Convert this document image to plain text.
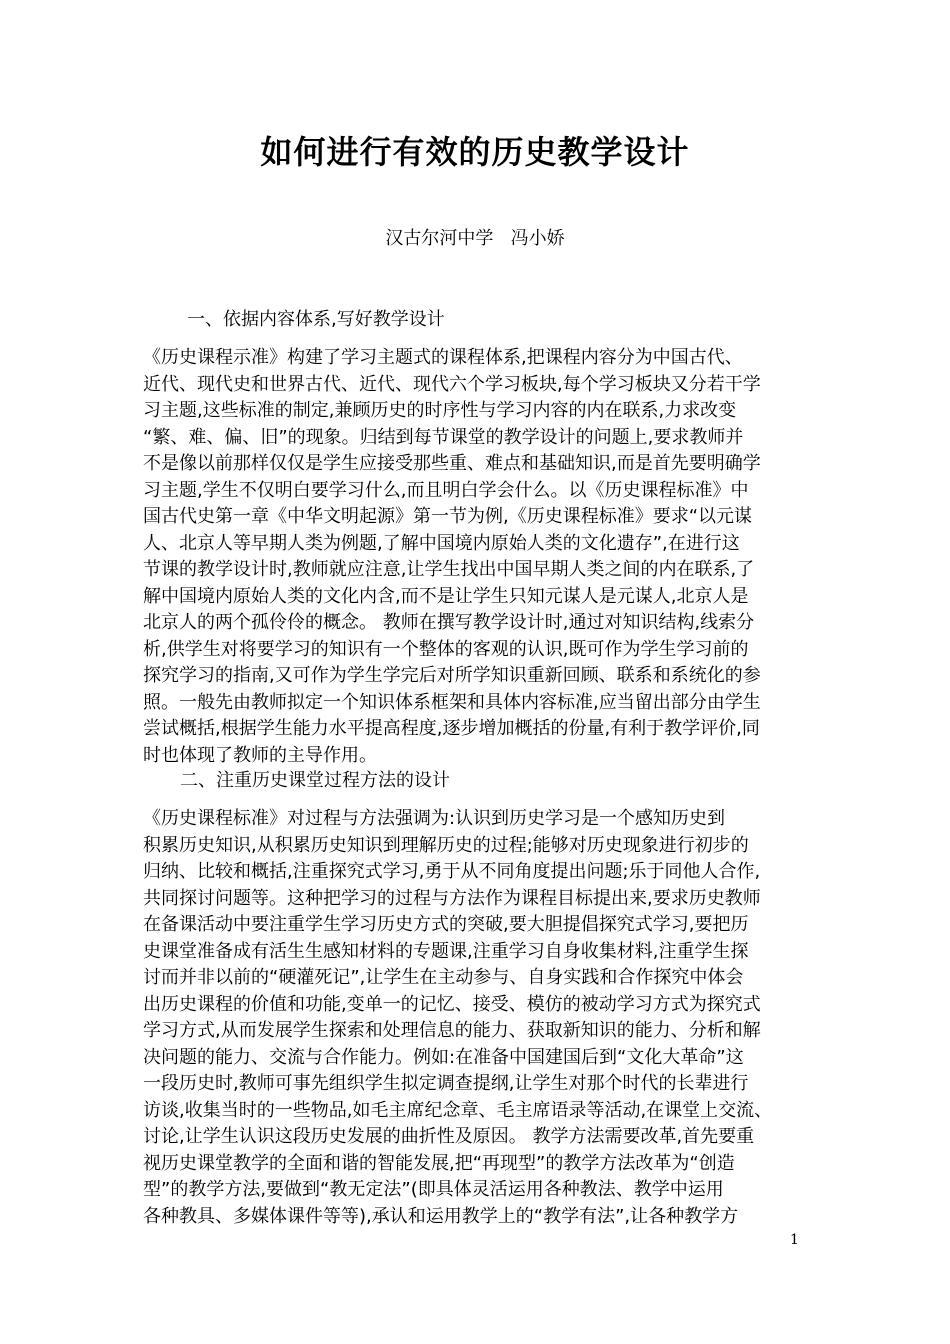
如何进行有效的历史教学设计
汉古尔河中学   冯小娇
一、依据内容体系,写好教学设计
《历史课程示准》构建了学习主题式的课程体系,把课程内容分为中国古代、
近代、现代史和世界古代、近代、现代六个学习板块,每个学习板块又分若干学
习主题,这些标准的制定,兼顾历史的时序性与学习内容的内在联系,力求改变
“繁、难、偏、旧”的现象。归结到每节课堂的教学设计的问题上,要求教师并
不是像以前那样仅仅是学生应接受那些重、难点和基础知识,而是首先要明确学
习主题,学生不仅明白要学习什么,而且明白学会什么。以《历史课程标准》中
国古代史第一章《中华文明起源》第一节为例,《历史课程标准》要求“以元谋
人、北京人等早期人类为例题,了解中国境内原始人类的文化遗存”,在进行这
节课的教学设计时,教师就应注意,让学生找出中国早期人类之间的内在联系,了
解中国境内原始人类的文化内含,而不是让学生只知元谋人是元谋人,北京人是
北京人的两个孤伶伶的概念。 教师在撰写教学设计时,通过对知识结构,线索分
析,供学生对将要学习的知识有一个整体的客观的认识,既可作为学生学习前的
探究学习的指南,又可作为学生学完后对所学知识重新回顾、联系和系统化的参
照。一般先由教师拟定一个知识体系框架和具体内容标准,应当留出部分由学生
尝试概括,根据学生能力水平提高程度,逐步增加概括的份量,有利于教学评价,同
时也体现了教师的主导作用。
二、注重历史课堂过程方法的设计
《历史课程标准》对过程与方法强调为:认识到历史学习是一个感知历史到
积累历史知识,从积累历史知识到理解历史的过程;能够对历史现象进行初步的
归纳、比较和概括,注重探究式学习,勇于从不同角度提出问题;乐于同他人合作,
共同探讨问题等。这种把学习的过程与方法作为课程目标提出来,要求历史教师
在备课活动中要注重学生学习历史方式的突破,要大胆提倡探究式学习,要把历
史课堂准备成有活生生感知材料的专题课,注重学习自身收集材料,注重学生探
讨而并非以前的“硬灌死记”,让学生在主动参与、自身实践和合作探究中体会
出历史课程的价值和功能,变单一的记忆、接受、模仿的被动学习方式为探究式
学习方式,从而发展学生探索和处理信息的能力、获取新知识的能力、分析和解
决问题的能力、交流与合作能力。例如:在准备中国建国后到“文化大革命”这
一段历史时,教师可事先组织学生拟定调查提纲,让学生对那个时代的长辈进行
访谈,收集当时的一些物品,如毛主席纪念章、毛主席语录等活动,在课堂上交流、
讨论,让学生认识这段历史发展的曲折性及原因。 教学方法需要改革,首先要重
视历史课堂教学的全面和谐的智能发展,把“再现型”的教学方法改革为“创造
型”的教学方法,要做到“教无定法”(即具体灵活运用各种教法、教学中运用
各种教具、多媒体课件等等),承认和运用教学上的“教学有法”,让各种教学方
1
